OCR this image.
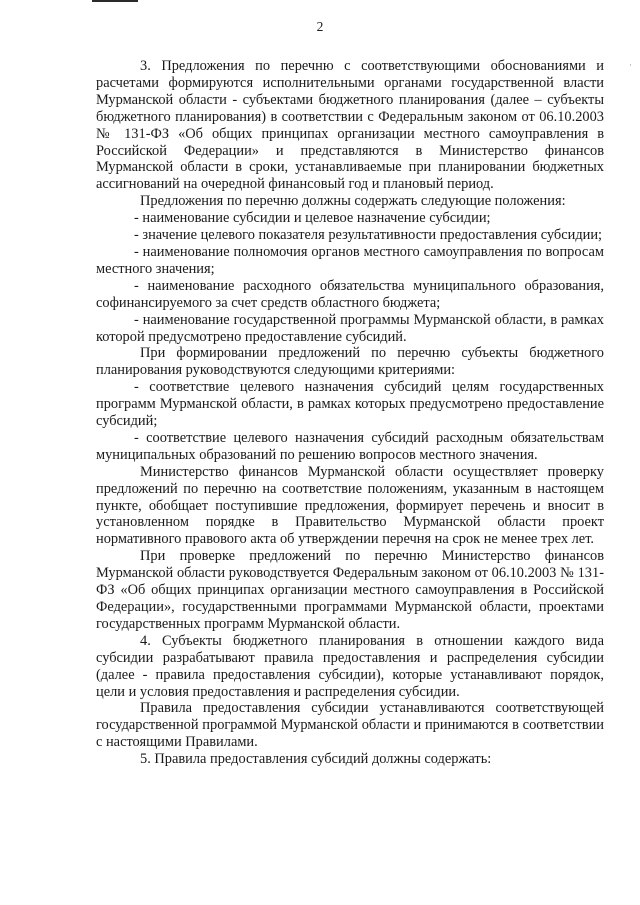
2
·

3. Предложения по перечню с соответствующими обоснованиями и расчетами формируются исполнительными органами государственной власти Мурманской области - субъектами бюджетного планирования (далее – субъекты бюджетного планирования) в соответствии с Федеральным законом от 06.10.2003 № 131-ФЗ «Об общих принципах организации местного самоуправления в Российской Федерации» и представляются в Министерство финансов Мурманской области в сроки, устанавливаемые при планировании бюджетных ассигнований на очередной финансовый год и плановый период.

Предложения по перечню должны содержать следующие положения:

- наименование субсидии и целевое назначение субсидии;

- значение целевого показателя результативности предоставления субсидии;

- наименование полномочия органов местного самоуправления по вопросам местного значения;

- наименование расходного обязательства муниципального образования, софинансируемого за счет средств областного бюджета;

- наименование государственной программы Мурманской области, в рамках которой предусмотрено предоставление субсидий.

При формировании предложений по перечню субъекты бюджетного планирования руководствуются следующими критериями:

- соответствие целевого назначения субсидий целям государственных программ Мурманской области, в рамках которых предусмотрено предоставление субсидий;

- соответствие целевого назначения субсидий расходным обязательствам муниципальных образований по решению вопросов местного значения.

Министерство финансов Мурманской области осуществляет проверку предложений по перечню на соответствие положениям, указанным в настоящем пункте, обобщает поступившие предложения, формирует перечень и вносит в установленном порядке в Правительство Мурманской области проект нормативного правового акта об утверждении перечня на срок не менее трех лет.

При проверке предложений по перечню Министерство финансов Мурманской области руководствуется Федеральным законом от 06.10.2003 № 131-ФЗ «Об общих принципах организации местного самоуправления в Российской Федерации», государственными программами Мурманской области, проектами государственных программ Мурманской области.

4. Субъекты бюджетного планирования в отношении каждого вида субсидии разрабатывают правила предоставления и распределения субсидии (далее - правила предоставления субсидии), которые устанавливают порядок, цели и условия предоставления и распределения субсидии.

Правила предоставления субсидии устанавливаются соответствующей государственной программой Мурманской области и принимаются в соответствии с настоящими Правилами.

5. Правила предоставления субсидий должны содержать:
